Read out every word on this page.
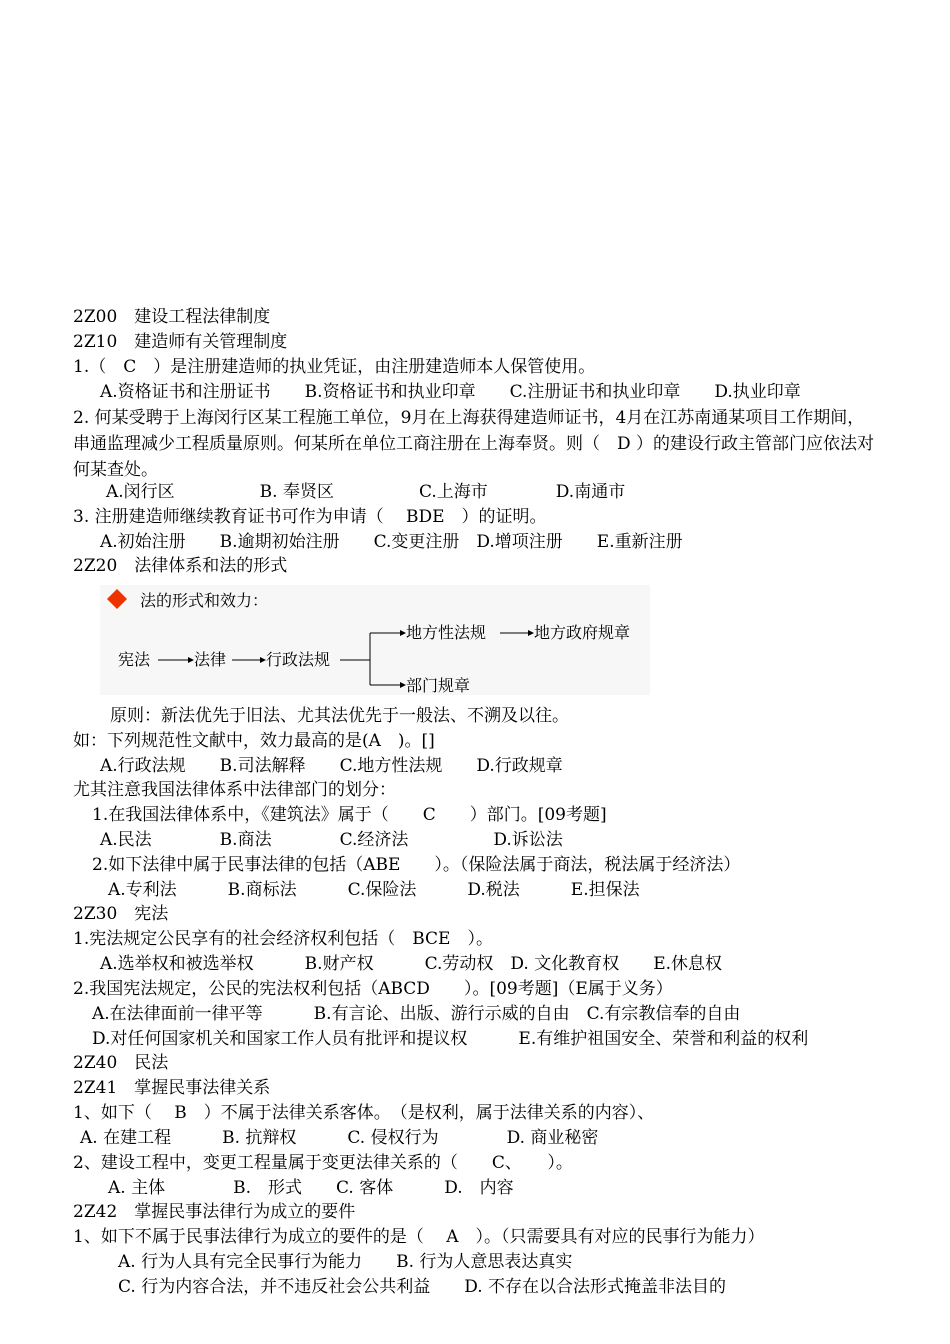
2Z00　建设工程法律制度
2Z10　建造师有关管理制度
1.（　C　）是注册建造师的执业凭证，由注册建造师本人保管使用。
A.资格证书和注册证书　　B.资格证书和执业印章　　C.注册证书和执业印章　　D.执业印章
2. 何某受聘于上海闵行区某工程施工单位，9月在上海获得建造师证书，4月在江苏南通某项目工作期间，串通监理减少工程质量原则。何某所在单位工商注册在上海奉贤。则（　D ）的建设行政主管部门应依法对何某查处。
A.闵行区　　　　　B. 奉贤区　　　　　C.上海市　　　　D.南通市
3. 注册建造师继续教育证书可作为申请（　 BDE　）的证明。
A.初始注册　　B.逾期初始注册　　C.变更注册　D.增项注册　　E.重新注册
2Z20　法律体系和法的形式
法的形式和效力：
宪法	法律 行政法规
地方性法规	地方政府规章
部门规章
原则：新法优先于旧法、尤其法优先于一般法、不溯及以往。
如：下列规范性文献中，效力最高的是(A　)。[]
A.行政法规　　B.司法解释　　C.地方性法规　　D.行政规章
尤其注意我国法律体系中法律部门的划分：
1.在我国法律体系中，《建筑法》属于（　　C　　）部门。[09考题]
A.民法　　　　B.商法　　　　C.经济法　　　　　D.诉讼法
2.如下法律中属于民事法律的包括（ABE　　）。（保险法属于商法，税法属于经济法）
A.专利法　　　B.商标法　　　C.保险法　　　D.税法　　　E.担保法
2Z30　宪法
1.宪法规定公民享有的社会经济权利包括（　BCE　）。
A.选举权和被选举权　　　B.财产权　　　C.劳动权　D. 文化教育权　　E.休息权
2.我国宪法规定，公民的宪法权利包括（ABCD　　）。[09考题]（E属于义务）
A.在法律面前一律平等　　　B.有言论、出版、游行示威的自由　C.有宗教信奉的自由
D.对任何国家机关和国家工作人员有批评和提议权　　　E.有维护祖国安全、荣誉和利益的权利
2Z40　民法
2Z41　掌握民事法律关系
1、如下（　 B　）不属于法律关系客体。　（是权利，属于法律关系的内容）、
A. 在建工程　　　B. 抗辩权　　　C. 侵权行为　　　　D. 商业秘密
2、建设工程中，变更工程量属于变更法律关系的（　　C、　　）。
A. 主体　　　　B.　形式　　C. 客体　　　D.　内容
2Z42　掌握民事法律行为成立的要件
1、如下不属于民事法律行为成立的要件的是（　 A　）。（只需要具有对应的民事行为能力）
A. 行为人具有完全民事行为能力　　B. 行为人意思表达真实
C. 行为内容合法，并不违反社会公共利益　　D. 不存在以合法形式掩盖非法目的
